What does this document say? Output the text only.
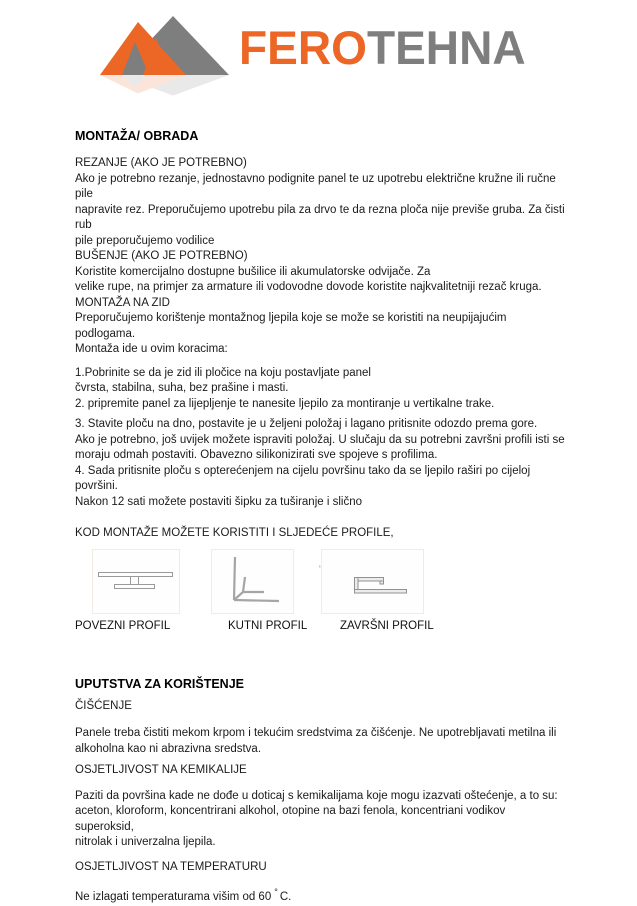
FEROTEHNA
MONTAŽA/ OBRADA
REZANJE (AKO JE POTREBNO)
Ako je potrebno rezanje, jednostavno podignite panel te uz upotrebu električne kružne ili ručne pile
napravite rez. Preporučujemo upotrebu pila za drvo te da rezna ploča nije previše gruba. Za čisti rub
pile preporučujemo vodilice
BUŠENJE (AKO JE POTREBNO)
Koristite komercijalno dostupne bušilice ili akumulatorske odvijače. Za
velike rupe, na primjer za armature ili vodovodne dovode koristite najkvalitetniji rezač kruga.
MONTAŽA NA ZID
Preporučujemo korištenje montažnog ljepila koje se može se koristiti na neupijajućim podlogama.
Montaža ide u ovim koracima:
1.Pobrinite se da je zid ili pločice na koju postavljate panel
čvrsta, stabilna, suha, bez prašine i masti.
2. pripremite panel za lijepljenje te nanesite ljepilo za montiranje u vertikalne trake.
3. Stavite ploču na dno, postavite je u željeni položaj i lagano pritisnite odozdo prema gore.
Ako je potrebno, još uvijek možete ispraviti položaj. U slučaju da su potrebni završni profili isti se
moraju odmah postaviti. Obavezno silikonizirati sve spojeve s profilima.
4. Sada pritisnite ploču s opterećenjem na cijelu površinu tako da se ljepilo raširi po cijeloj površini.
Nakon 12 sati možete postaviti šipku za tuširanje i slično
KOD MONTAŽE MOŽETE KORISTITI I SLJEDEĆE PROFILE,
'
POVEZNI PROFIL	KUTNI PROFIL	ZAVRŠNI PROFIL
UPUTSTVA ZA KORIŠTENJE
ČIŠĆENJE
Panele treba čistiti mekom krpom i tekućim sredstvima za čišćenje. Ne upotrebljavati metilna ili
alkoholna kao ni abrazivna sredstva.
OSJETLJIVOST NA KEMIKALIJE
Paziti da površina kade ne dođe u doticaj s kemikalijama koje mogu izazvati oštećenje, a to su:
aceton, kloroform, koncentrirani alkohol, otopine na bazi fenola, koncentriani vodikov superoksid,
nitrolak i univerzalna ljepila.
OSJETLJIVOST NA TEMPERATURU
Ne izlagati temperaturama višim od 60 ° C.
